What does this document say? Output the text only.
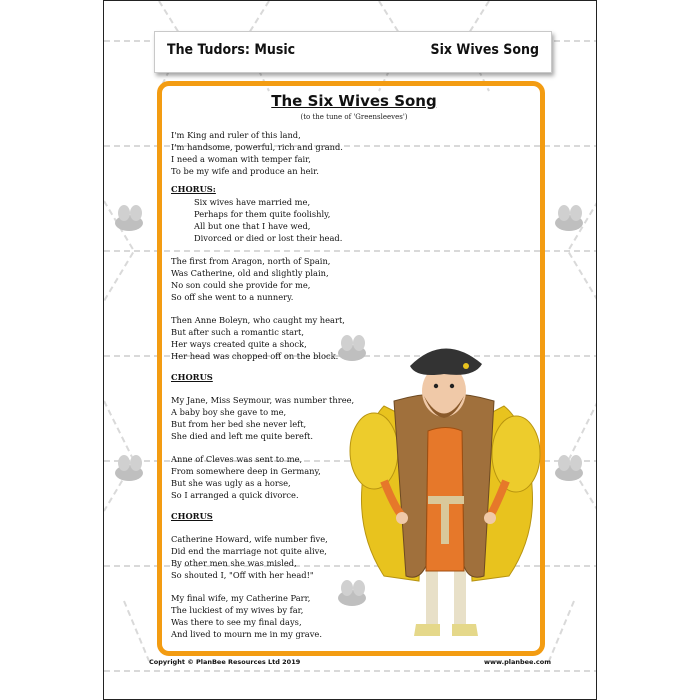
The Tudors: Music	Six Wives Song
The Six Wives Song
(to the tune of 'Greensleeves')
I'm King and ruler of this land,
I'm handsome, powerful, rich and grand.
I need a woman with temper fair,
To be my wife and produce an heir.
CHORUS:
Six wives have married me,
Perhaps for them quite foolishly,
All but one that I have wed,
Divorced or died or lost their head.
The first from Aragon, north of Spain,
Was Catherine, old and slightly plain,
No son could she provide for me,
So off she went to a nunnery.
Then Anne Boleyn, who caught my heart,
But after such a romantic start,
Her ways created quite a shock,
Her head was chopped off on the block.
CHORUS
My Jane, Miss Seymour, was number three,
A baby boy she gave to me,
But from her bed she never left,
She died and left me quite bereft.
Anne of Cleves was sent to me,
From somewhere deep in Germany,
But she was ugly as a horse,
So I arranged a quick divorce.
CHORUS
Catherine Howard, wife number five,
Did end the marriage not quite alive,
By other men she was misled,
So shouted I, "Off with her head!"
My final wife, my Catherine Parr,
The luckiest of my wives by far,
Was there to see my final days,
And lived to mourn me in my grave.
Copyright © PlanBee Resources Ltd 2019	www.planbee.com
